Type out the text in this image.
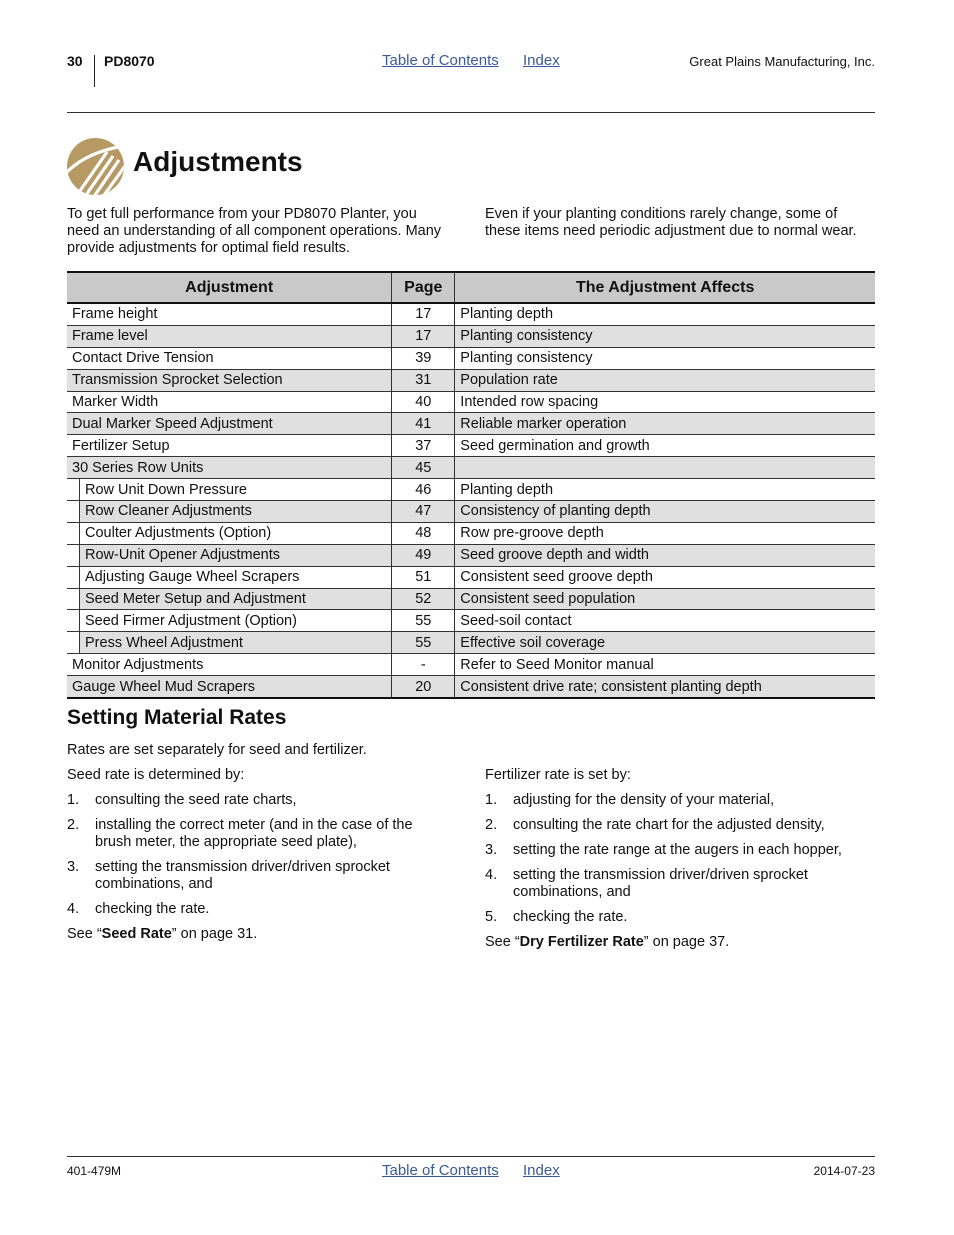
30 PD8070	Table of Contents Index	Great Plains Manufacturing, Inc.
Adjustments
To get full performance from your PD8070 Planter, you need an understanding of all component operations. Many provide adjustments for optimal field results.
Even if your planting conditions rarely change, some of these items need periodic adjustment due to normal wear.
Adjustment		Page	The Adjustment Affects
Frame height		17	Planting depth
Frame level		17	Planting consistency
Contact Drive Tension		39	Planting consistency
Transmission Sprocket Selection		31	Population rate
Marker Width		40	Intended row spacing
Dual Marker Speed Adjustment		41	Reliable marker operation
Fertilizer Setup		37	Seed germination and growth
30 Series Row Units		45	
	Row Unit Down Pressure	46	Planting depth
	Row Cleaner Adjustments	47	Consistency of planting depth
	Coulter Adjustments (Option)	48	Row pre-groove depth
	Row-Unit Opener Adjustments	49	Seed groove depth and width
	Adjusting Gauge Wheel Scrapers	51	Consistent seed groove depth
	Seed Meter Setup and Adjustment	52	Consistent seed population
	Seed Firmer Adjustment (Option)	55	Seed-soil contact
	Press Wheel Adjustment	55	Effective soil coverage
Monitor Adjustments		-	Refer to Seed Monitor manual
Gauge Wheel Mud Scrapers		20	Consistent drive rate; consistent planting depth
Setting Material Rates
Rates are set separately for seed and fertilizer.
Seed rate is determined by:
1. consulting the seed rate charts,
2. installing the correct meter (and in the case of the brush meter, the appropriate seed plate),
3. setting the transmission driver/driven sprocket combinations, and
4. checking the rate.
See “Seed Rate” on page 31.
Fertilizer rate is set by:
1. adjusting for the density of your material,
2. consulting the rate chart for the adjusted density,
3. setting the rate range at the augers in each hopper,
4. setting the transmission driver/driven sprocket combinations, and
5. checking the rate.
See “Dry Fertilizer Rate” on page 37.
401-479M	Table of Contents Index	2014-07-23
